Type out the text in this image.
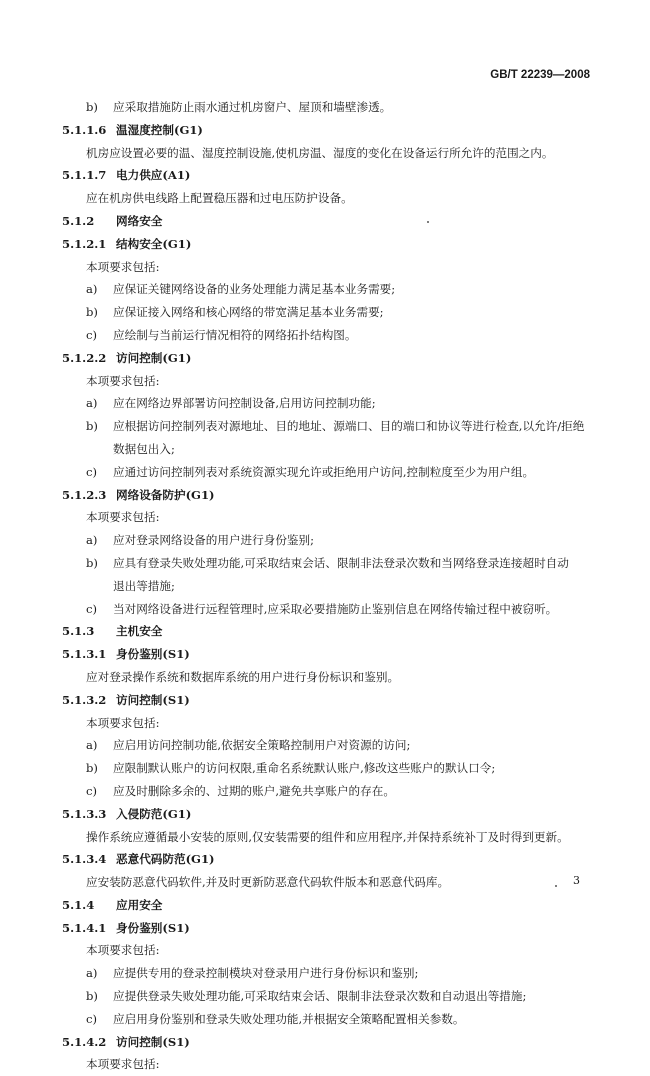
GB/T 22239—2008
b) 应采取措施防止雨水通过机房窗户、屋顶和墙壁渗透。
5.1.1.6 温湿度控制(G1)
机房应设置必要的温、湿度控制设施,使机房温、湿度的变化在设备运行所允许的范围之内。
5.1.1.7 电力供应(A1)
应在机房供电线路上配置稳压器和过电压防护设备。
5.1.2 网络安全
5.1.2.1 结构安全(G1)
本项要求包括:
a) 应保证关键网络设备的业务处理能力满足基本业务需要;
b) 应保证接入网络和核心网络的带宽满足基本业务需要;
c) 应绘制与当前运行情况相符的网络拓扑结构图。
5.1.2.2 访问控制(G1)
本项要求包括:
a) 应在网络边界部署访问控制设备,启用访问控制功能;
b) 应根据访问控制列表对源地址、目的地址、源端口、目的端口和协议等进行检查,以允许/拒绝
数据包出入;
c) 应通过访问控制列表对系统资源实现允许或拒绝用户访问,控制粒度至少为用户组。
5.1.2.3 网络设备防护(G1)
本项要求包括:
a) 应对登录网络设备的用户进行身份鉴别;
b) 应具有登录失败处理功能,可采取结束会话、限制非法登录次数和当网络登录连接超时自动
退出等措施;
c) 当对网络设备进行远程管理时,应采取必要措施防止鉴别信息在网络传输过程中被窃听。
5.1.3 主机安全
5.1.3.1 身份鉴别(S1)
应对登录操作系统和数据库系统的用户进行身份标识和鉴别。
5.1.3.2 访问控制(S1)
本项要求包括:
a) 应启用访问控制功能,依据安全策略控制用户对资源的访问;
b) 应限制默认账户的访问权限,重命名系统默认账户,修改这些账户的默认口令;
c) 应及时删除多余的、过期的账户,避免共享账户的存在。
5.1.3.3 入侵防范(G1)
操作系统应遵循最小安装的原则,仅安装需要的组件和应用程序,并保持系统补丁及时得到更新。
5.1.3.4 恶意代码防范(G1)
应安装防恶意代码软件,并及时更新防恶意代码软件版本和恶意代码库。
5.1.4 应用安全
5.1.4.1 身份鉴别(S1)
本项要求包括:
a) 应提供专用的登录控制模块对登录用户进行身份标识和鉴别;
b) 应提供登录失败处理功能,可采取结束会话、限制非法登录次数和自动退出等措施;
c) 应启用身份鉴别和登录失败处理功能,并根据安全策略配置相关参数。
5.1.4.2 访问控制(S1)
本项要求包括:
3
